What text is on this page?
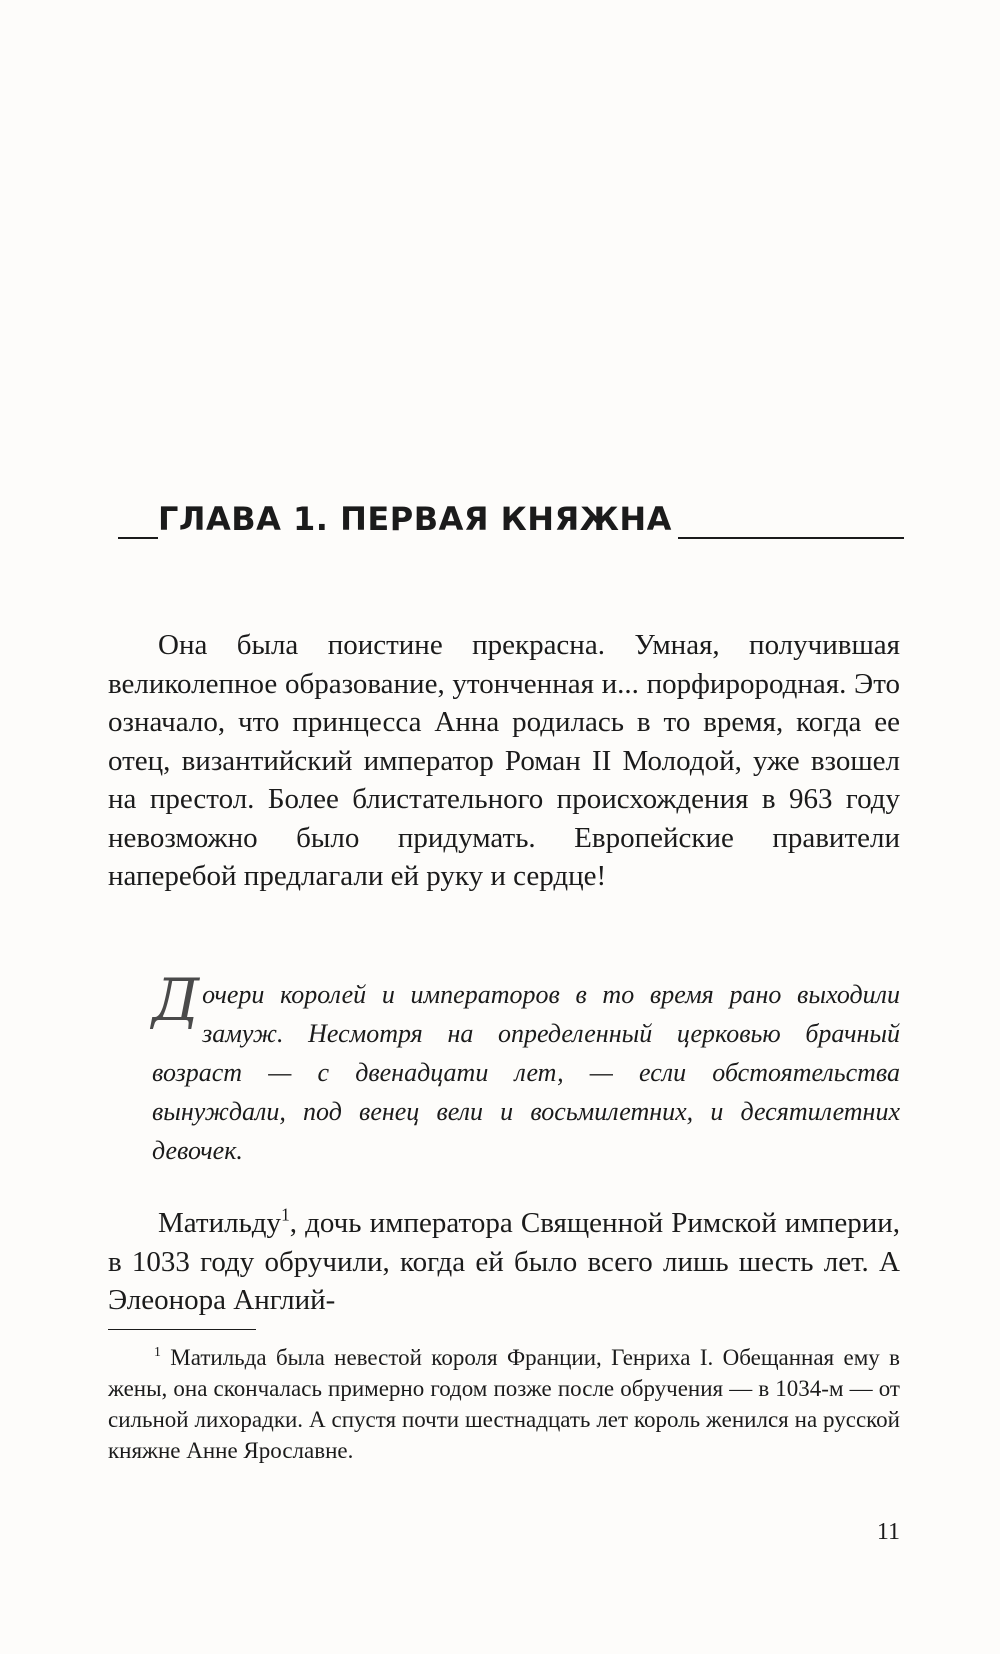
ГЛАВА 1. ПЕРВАЯ КНЯЖНА

Она была поистине прекрасна. Умная, получившая великолепное образование, утонченная и... порфирородная. Это означало, что принцесса Анна родилась в то время, когда ее отец, византийский император Роман II Молодой, уже взошел на престол. Более блистательного происхождения в 963 году невозможно было придумать. Европейские правители наперебой предлагали ей руку и сердце!

Дочери королей и императоров в то время рано выходили замуж. Несмотря на определенный церковью брачный возраст — с двенадцати лет, — если обстоятельства вынуждали, под венец вели и восьмилетних, и десятилетних девочек.

Матильду$^1$, дочь императора Священной Римской империи, в 1033 году обручили, когда ей было всего лишь шесть лет. А Элеонора Англий-

$^1$ Матильда была невестой короля Франции, Генриха I. Обещанная ему в жены, она скончалась примерно годом позже после обручения — в 1034-м — от сильной лихорадки. А спустя почти шестнадцать лет король женился на русской княжне Анне Ярославне.

11
